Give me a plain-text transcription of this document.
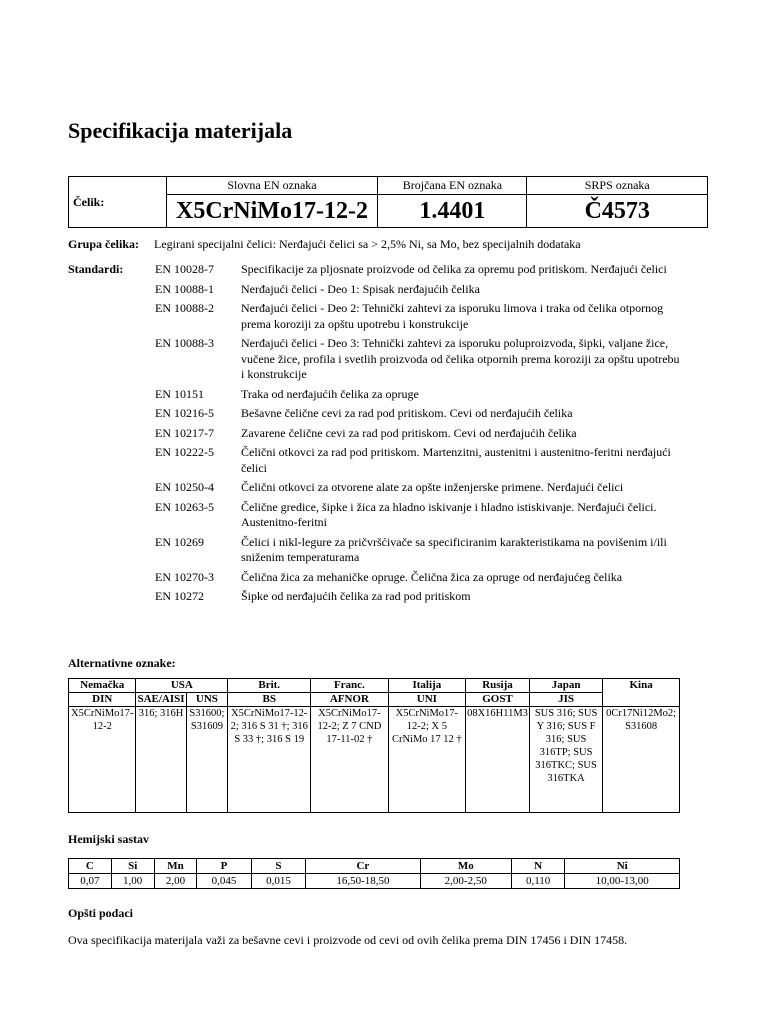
Specifikacija materijala
Čelik:	Slovna EN oznaka	Brojčana EN oznaka	SRPS oznaka
	X5CrNiMo17-12-2	1.4401	Č4573
Grupa čelika: Legirani specijalni čelici: Nerđajući čelici sa > 2,5% Ni, sa Mo, bez specijalnih dodataka
Standardi:	EN 10028-7	Specifikacije za pljosnate proizvode od čelika za opremu pod pritiskom. Nerđajući čelici
EN 10088-1	Nerđajući čelici - Deo 1: Spisak nerđajućih čelika
EN 10088-2	Nerđajući čelici - Deo 2: Tehnički zahtevi za isporuku limova i traka od čelika otpornog prema koroziji za opštu upotrebu i konstrukcije
EN 10088-3	Nerđajući čelici - Deo 3: Tehnički zahtevi za isporuku poluproizvoda, šipki, valjane žice, vučene žice, profila i svetlih proizvoda od čelika otpornih prema koroziji za opštu upotrebu i konstrukcije
EN 10151	Traka od nerđajućih čelika za opruge
EN 10216-5	Bešavne čelične cevi za rad pod pritiskom. Cevi od nerđajućih čelika
EN 10217-7	Zavarene čelične cevi za rad pod pritiskom. Cevi od nerđajućih čelika
EN 10222-5	Čelični otkovci za rad pod pritiskom. Martenzitni, austenitni i austenitno-feritni nerđajući čelici
EN 10250-4	Čelični otkovci za otvorene alate za opšte inženjerske primene. Nerđajući čelici
EN 10263-5	Čelične gredice, šipke i žica za hladno iskivanje i hladno istiskivanje. Nerđajući čelici. Austenitno-feritni
EN 10269	Čelici i nikl-legure za pričvršćivače sa specificiranim karakteristikama na povišenim i/ili sniženim temperaturama
EN 10270-3	Čelična žica za mehaničke opruge. Čelična žica za opruge od nerđajućeg čelika
EN 10272	Šipke od nerđajućih čelika za rad pod pritiskom
Alternativne oznake:
Nemačka	USA		Brit.	Franc.	Italija	Rusija	Japan	Kina
DIN	SAE/AISI	UNS	BS	AFNOR	UNI	GOST	JIS	
X5CrNiMo17-12-2	316; 316H	S31600; S31609	X5CrNiMo17-12-2; 316 S 31 †; 316 S 33 †; 316 S 19	X5CrNiMo17-12-2; Z 7 CND 17-11-02 †	X5CrNiMo17-12-2; X 5 CrNiMo 17 12 †	08X16H11M3	SUS 316; SUS Y 316; SUS F 316; SUS 316TP; SUS 316TKC; SUS 316TKA	0Cr17Ni12Mo2; S31608
Hemijski sastav
C	Si	Mn	P	S	Cr	Mo	N	Ni
0,07	1,00	2,00	0,045	0,015	16,50-18,50	2,00-2,50	0,110	10,00-13,00
Opšti podaci

Ova specifikacija materijala važi za bešavne cevi i proizvode od cevi od ovih čelika prema DIN 17456 i DIN 17458.
